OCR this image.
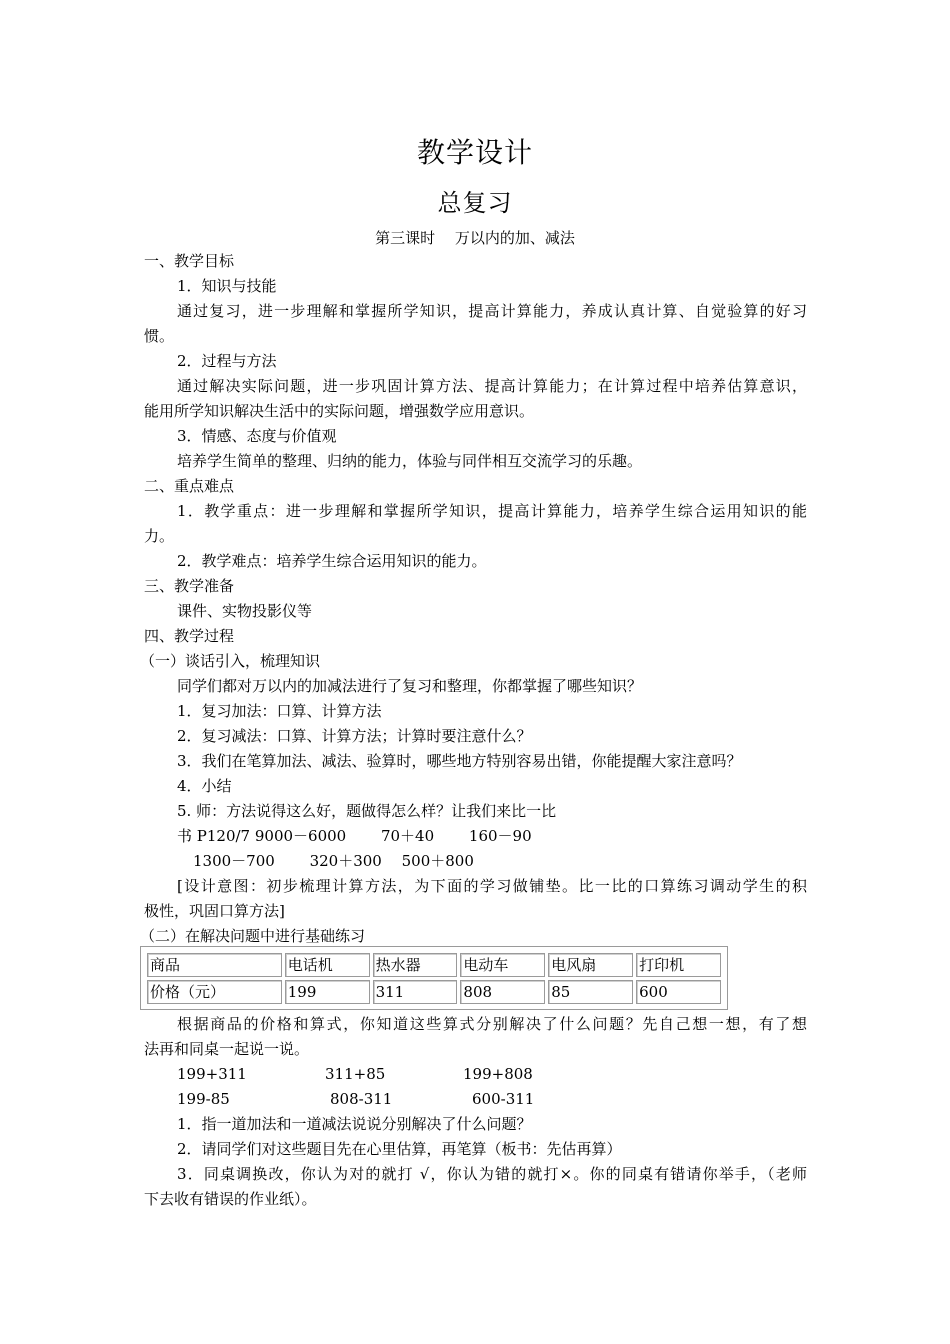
教学设计
总复习
第三课时　 万以内的加、减法
一、教学目标
1．知识与技能
通过复习，进一步理解和掌握所学知识，提高计算能力，养成认真计算、自觉验算的好习
惯。
2．过程与方法
通过解决实际问题，进一步巩固计算方法、提高计算能力；在计算过程中培养估算意识，
能用所学知识解决生活中的实际问题，增强数学应用意识。
3．情感、态度与价值观
培养学生简单的整理、归纳的能力，体验与同伴相互交流学习的乐趣。
二、重点难点
1．教学重点：进一步理解和掌握所学知识，提高计算能力，培养学生综合运用知识的能
力。
2．教学难点：培养学生综合运用知识的能力。
三、教学准备
课件、实物投影仪等
四、教学过程
（一）谈话引入，梳理知识
同学们都对万以内的加减法进行了复习和整理，你都掌握了哪些知识？
1．复习加法：口算、计算方法
2．复习减法：口算、计算方法；计算时要注意什么？
3．我们在笔算加法、减法、验算时，哪些地方特别容易出错，你能提醒大家注意吗？
4．小结
5. 师：方法说得这么好，题做得怎么样？让我们来比一比
书 P120/7 9000－6000　　 70＋40　　 160－90
1300－700　　 320＋300　 500＋800
[设计意图：初步梳理计算方法，为下面的学习做铺垫。比一比的口算练习调动学生的积
极性，巩固口算方法]
（二）在解决问题中进行基础练习
商品	电话机	热水器	电动车	电风扇	打印机
价格（元）	199	311	808	85	600
根据商品的价格和算式，你知道这些算式分别解决了什么问题？先自己想一想，有了想
法再和同桌一起说一说。
199+311	311+85	199+808
199-85	808-311	600-311
1．指一道加法和一道减法说说分别解决了什么问题？
2．请同学们对这些题目先在心里估算，再笔算（板书：先估再算）
3．同桌调换改，你认为对的就打 √，你认为错的就打×。你的同桌有错请你举手，（老师
下去收有错误的作业纸）。
